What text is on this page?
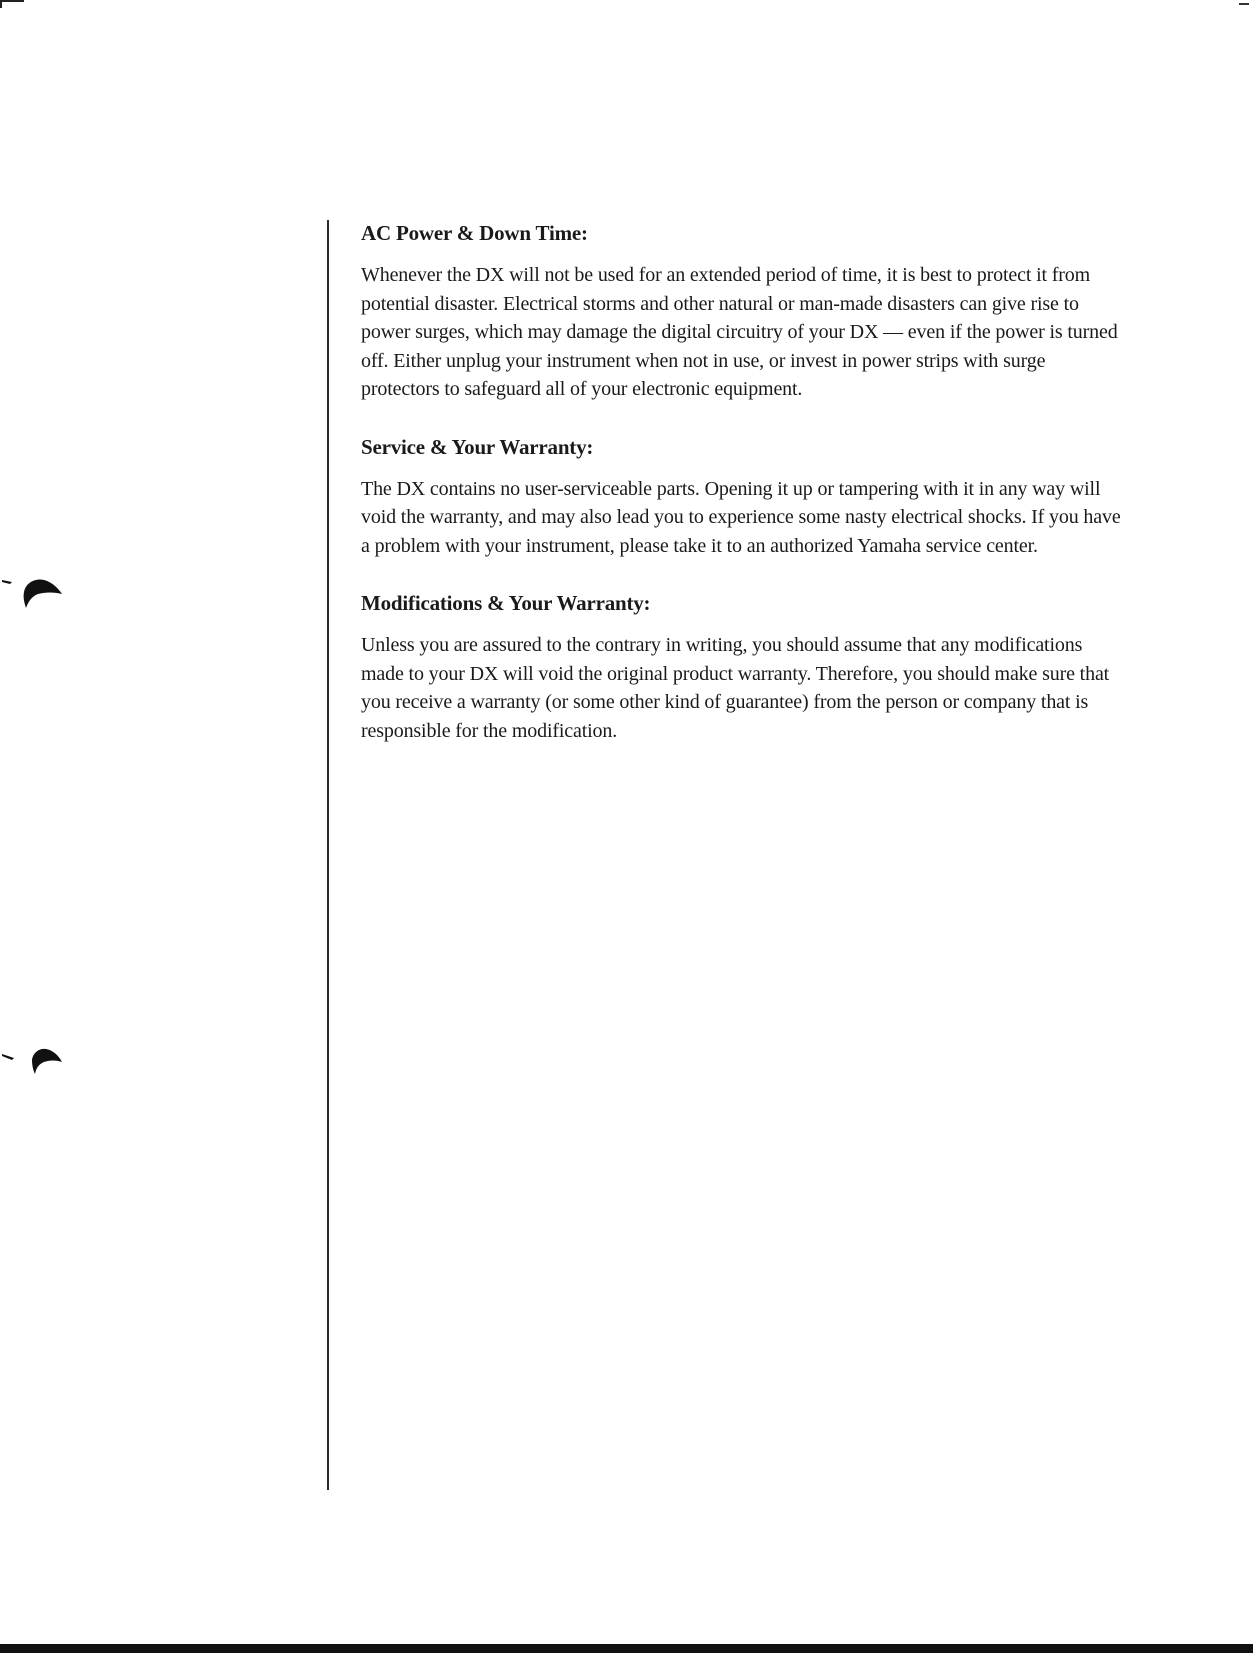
AC Power & Down Time:

Whenever the DX will not be used for an extended period of time, it is best to protect it from potential disaster. Electrical storms and other natural or man-made disasters can give rise to power surges, which may damage the digital circuitry of your DX — even if the power is turned off. Either unplug your instrument when not in use, or invest in power strips with surge protectors to safeguard all of your electronic equipment.

Service & Your Warranty:

The DX contains no user-serviceable parts. Opening it up or tampering with it in any way will void the warranty, and may also lead you to experience some nasty electrical shocks. If you have a problem with your instrument, please take it to an authorized Yamaha service center.

Modifications & Your Warranty:

Unless you are assured to the contrary in writing, you should assume that any modifications made to your DX will void the original product warranty. Therefore, you should make sure that you receive a warranty (or some other kind of guarantee) from the person or company that is responsible for the modification.
